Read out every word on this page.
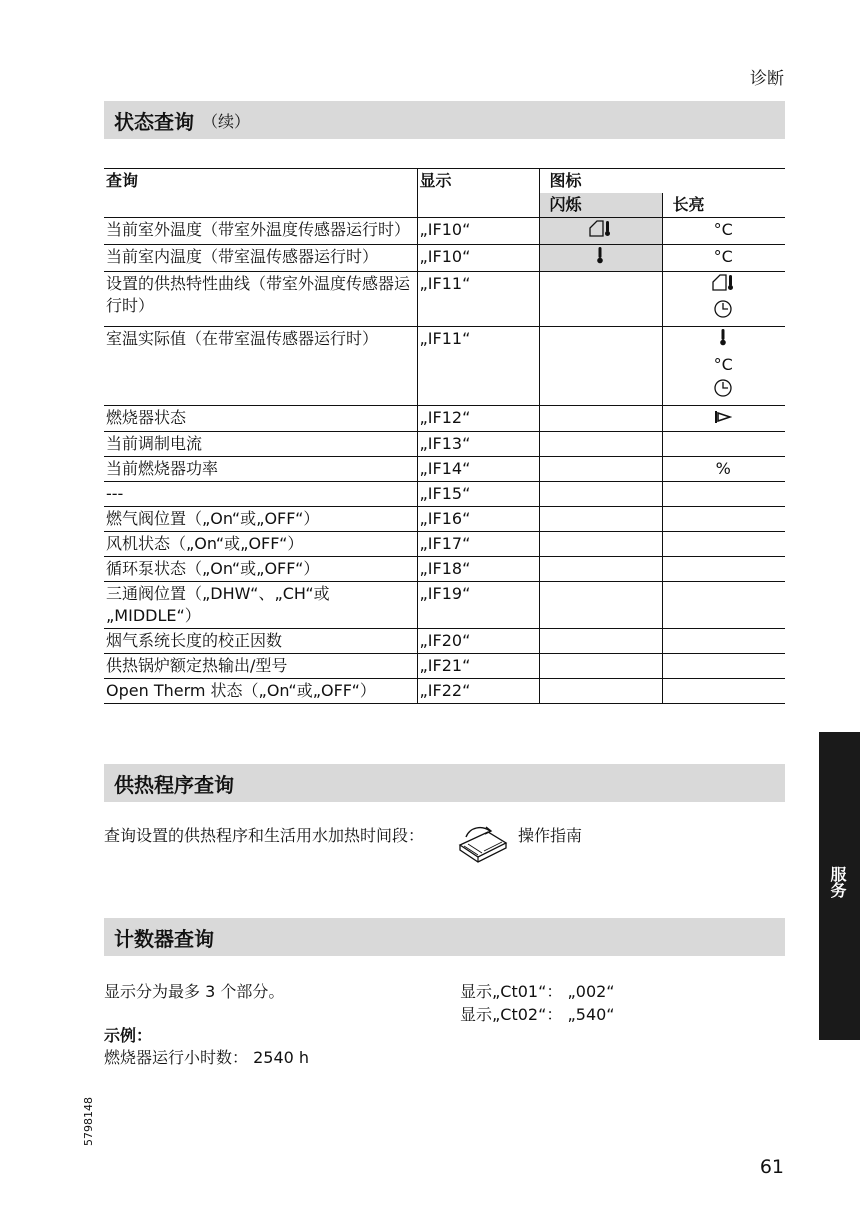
诊断
状态查询 （续）
查询	显示	图标	
		闪烁	长亮
当前室外温度（带室外温度传感器运行时）	„IF10“		°C
当前室内温度（带室温传感器运行时）	„IF10“		°C
设置的供热特性曲线（带室外温度传感器运行时）	„IF11“		

室温实际值（在带室温传感器运行时）	„IF11“		°C

燃烧器状态	„IF12“		
当前调制电流	„IF13“		
当前燃烧器功率	„IF14“		%
---	„IF15“		
燃气阀位置（„On“或„OFF“）	„IF16“		
风机状态（„On“或„OFF“）	„IF17“		
循环泵状态（„On“或„OFF“）	„IF18“		
三通阀位置（„DHW“、„CH“或„MIDDLE“）	„IF19“		
烟气系统长度的校正因数	„IF20“		
供热锅炉额定热输出/型号	„IF21“		
Open Therm 状态（„On“或„OFF“）	„IF22“		
供热程序查询
查询设置的供热程序和生活用水加热时间段：	操作指南
计数器查询
显示分为最多 3 个部分。
示例：
燃烧器运行小时数： 2540 h
显示„Ct01“： „002“
显示„Ct02“： „540“
服务
5798148
61
